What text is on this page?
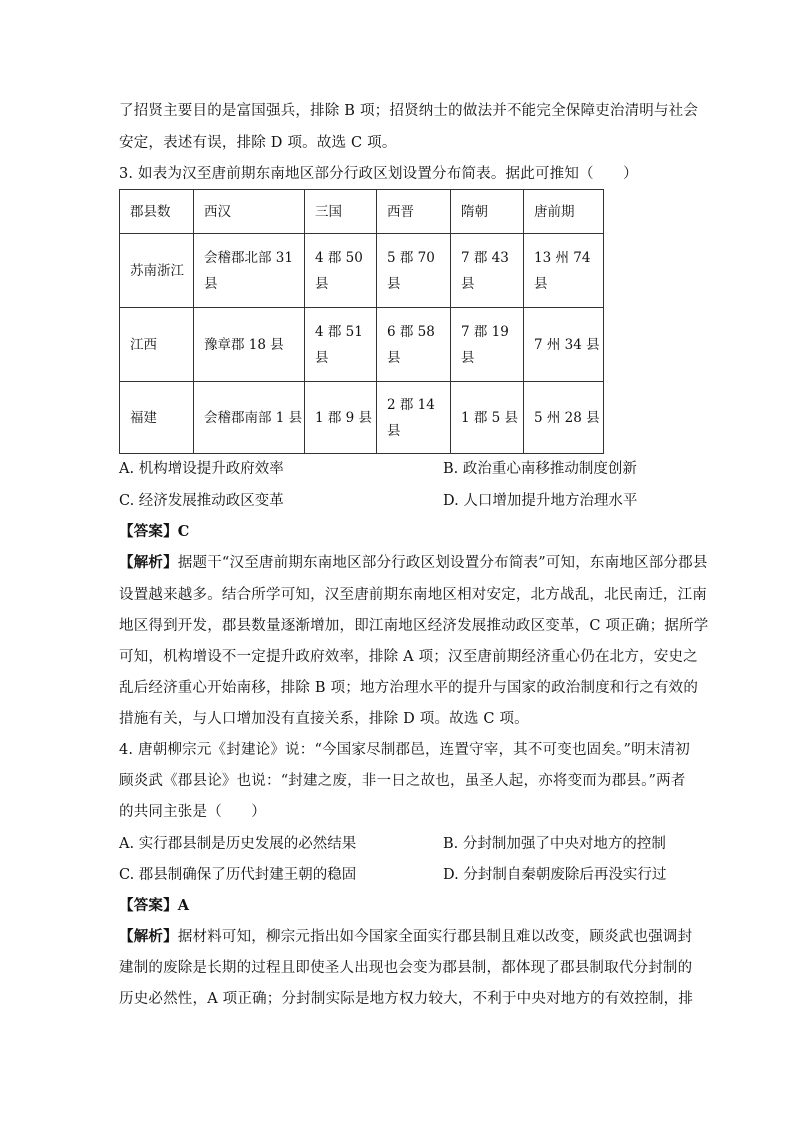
了招贤主要目的是富国强兵，排除 B 项；招贤纳士的做法并不能完全保障吏治清明与社会
安定，表述有误，排除 D 项。故选 C 项。
3. 如表为汉至唐前期东南地区部分行政区划设置分布简表。据此可推知（　　）
郡县数	西汉	三国	西晋	隋朝	唐前期

苏南浙江	会稽郡北部 31 县	4 郡 50 县	5 郡 70 县	7 郡 43 县	13 州 74 县

江西	豫章郡 18 县	4 郡 51 县	6 郡 58 县	7 郡 19 县	7 州 34 县

福建	会稽郡南部 1 县	1 郡 9 县	2 郡 14 县	1 郡 5 县	5 州 28 县
A. 机构增设提升政府效率	B. 政治重心南移推动制度创新
C. 经济发展推动政区变革	D. 人口增加提升地方治理水平
【答案】C
【解析】据题干“汉至唐前期东南地区部分行政区划设置分布简表”可知，东南地区部分郡县
设置越来越多。结合所学可知，汉至唐前期东南地区相对安定，北方战乱，北民南迁，江南
地区得到开发，郡县数量逐渐增加，即江南地区经济发展推动政区变革，C 项正确；据所学
可知，机构增设不一定提升政府效率，排除 A 项；汉至唐前期经济重心仍在北方，安史之
乱后经济重心开始南移，排除 B 项；地方治理水平的提升与国家的政治制度和行之有效的
措施有关，与人口增加没有直接关系，排除 D 项。故选 C 项。
4. 唐朝柳宗元《封建论》说：“今国家尽制郡邑，连置守宰，其不可变也固矣。”明末清初
顾炎武《郡县论》也说：“封建之废，非一日之故也，虽圣人起，亦将变而为郡县。”两者
的共同主张是（　　）
A. 实行郡县制是历史发展的必然结果	B. 分封制加强了中央对地方的控制
C. 郡县制确保了历代封建王朝的稳固	D. 分封制自秦朝废除后再没实行过
【答案】A
【解析】据材料可知，柳宗元指出如今国家全面实行郡县制且难以改变，顾炎武也强调封
建制的废除是长期的过程且即使圣人出现也会变为郡县制，都体现了郡县制取代分封制的
历史必然性，A 项正确；分封制实际是地方权力较大，不利于中央对地方的有效控制，排
